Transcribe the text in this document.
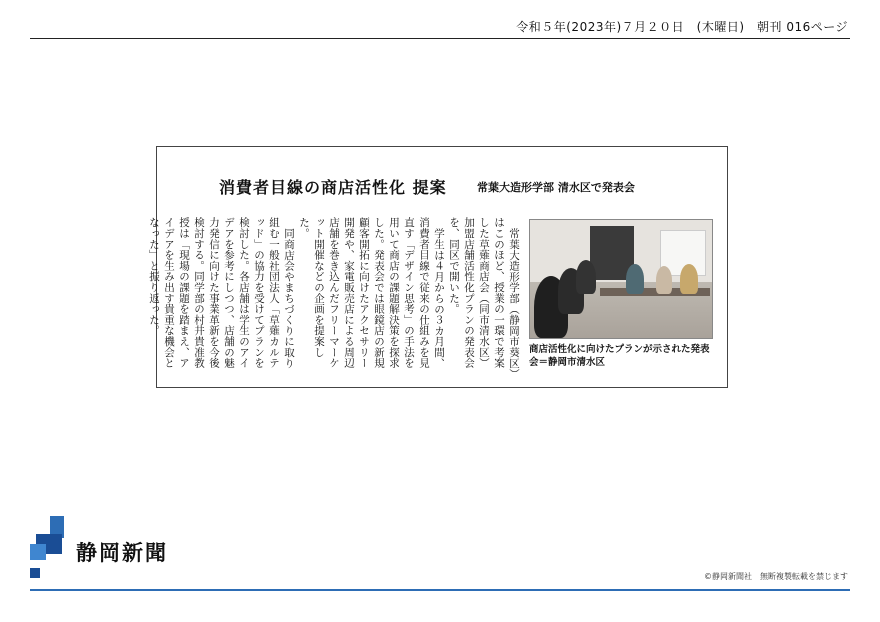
令和５年(2023年)７月２０日　(木曜日)　朝刊 016ページ
消費者目線の商店活性化 提案	常葉大造形学部 清水区で発表会

常葉大造形学部（静岡市葵区）はこのほど、授業の一環で考案した草薙商店会（同市清水区）加盟店舗活性化プランの発表会を、同区で開いた。

学生は４月からの３カ月間、消費者目線で従来の仕組みを見直す「デザイン思考」の手法を用いて商店の課題解決策を探求した。発表会では眼鏡店の新規顧客開拓に向けたアクセサリー開発や、家電販売店による周辺店舗を巻き込んだフリーマーケット開催などの企画を提案した。

同商店会やまちづくりに取り組む一般社団法人「草薙カルテッド」の協力を受けてプランを検討した。各店舗は学生のアイデアを参考にしつつ、店舗の魅力発信に向けた事業革新を今後検討する。同学部の村井貴准教授は「現場の課題を踏まえ、アイデアを生み出す貴重な機会となった」と振り返った。

商店活性化に向けたプランが示された発表会＝静岡市清水区
静岡新聞
©静岡新聞社　無断複製転載を禁じます
